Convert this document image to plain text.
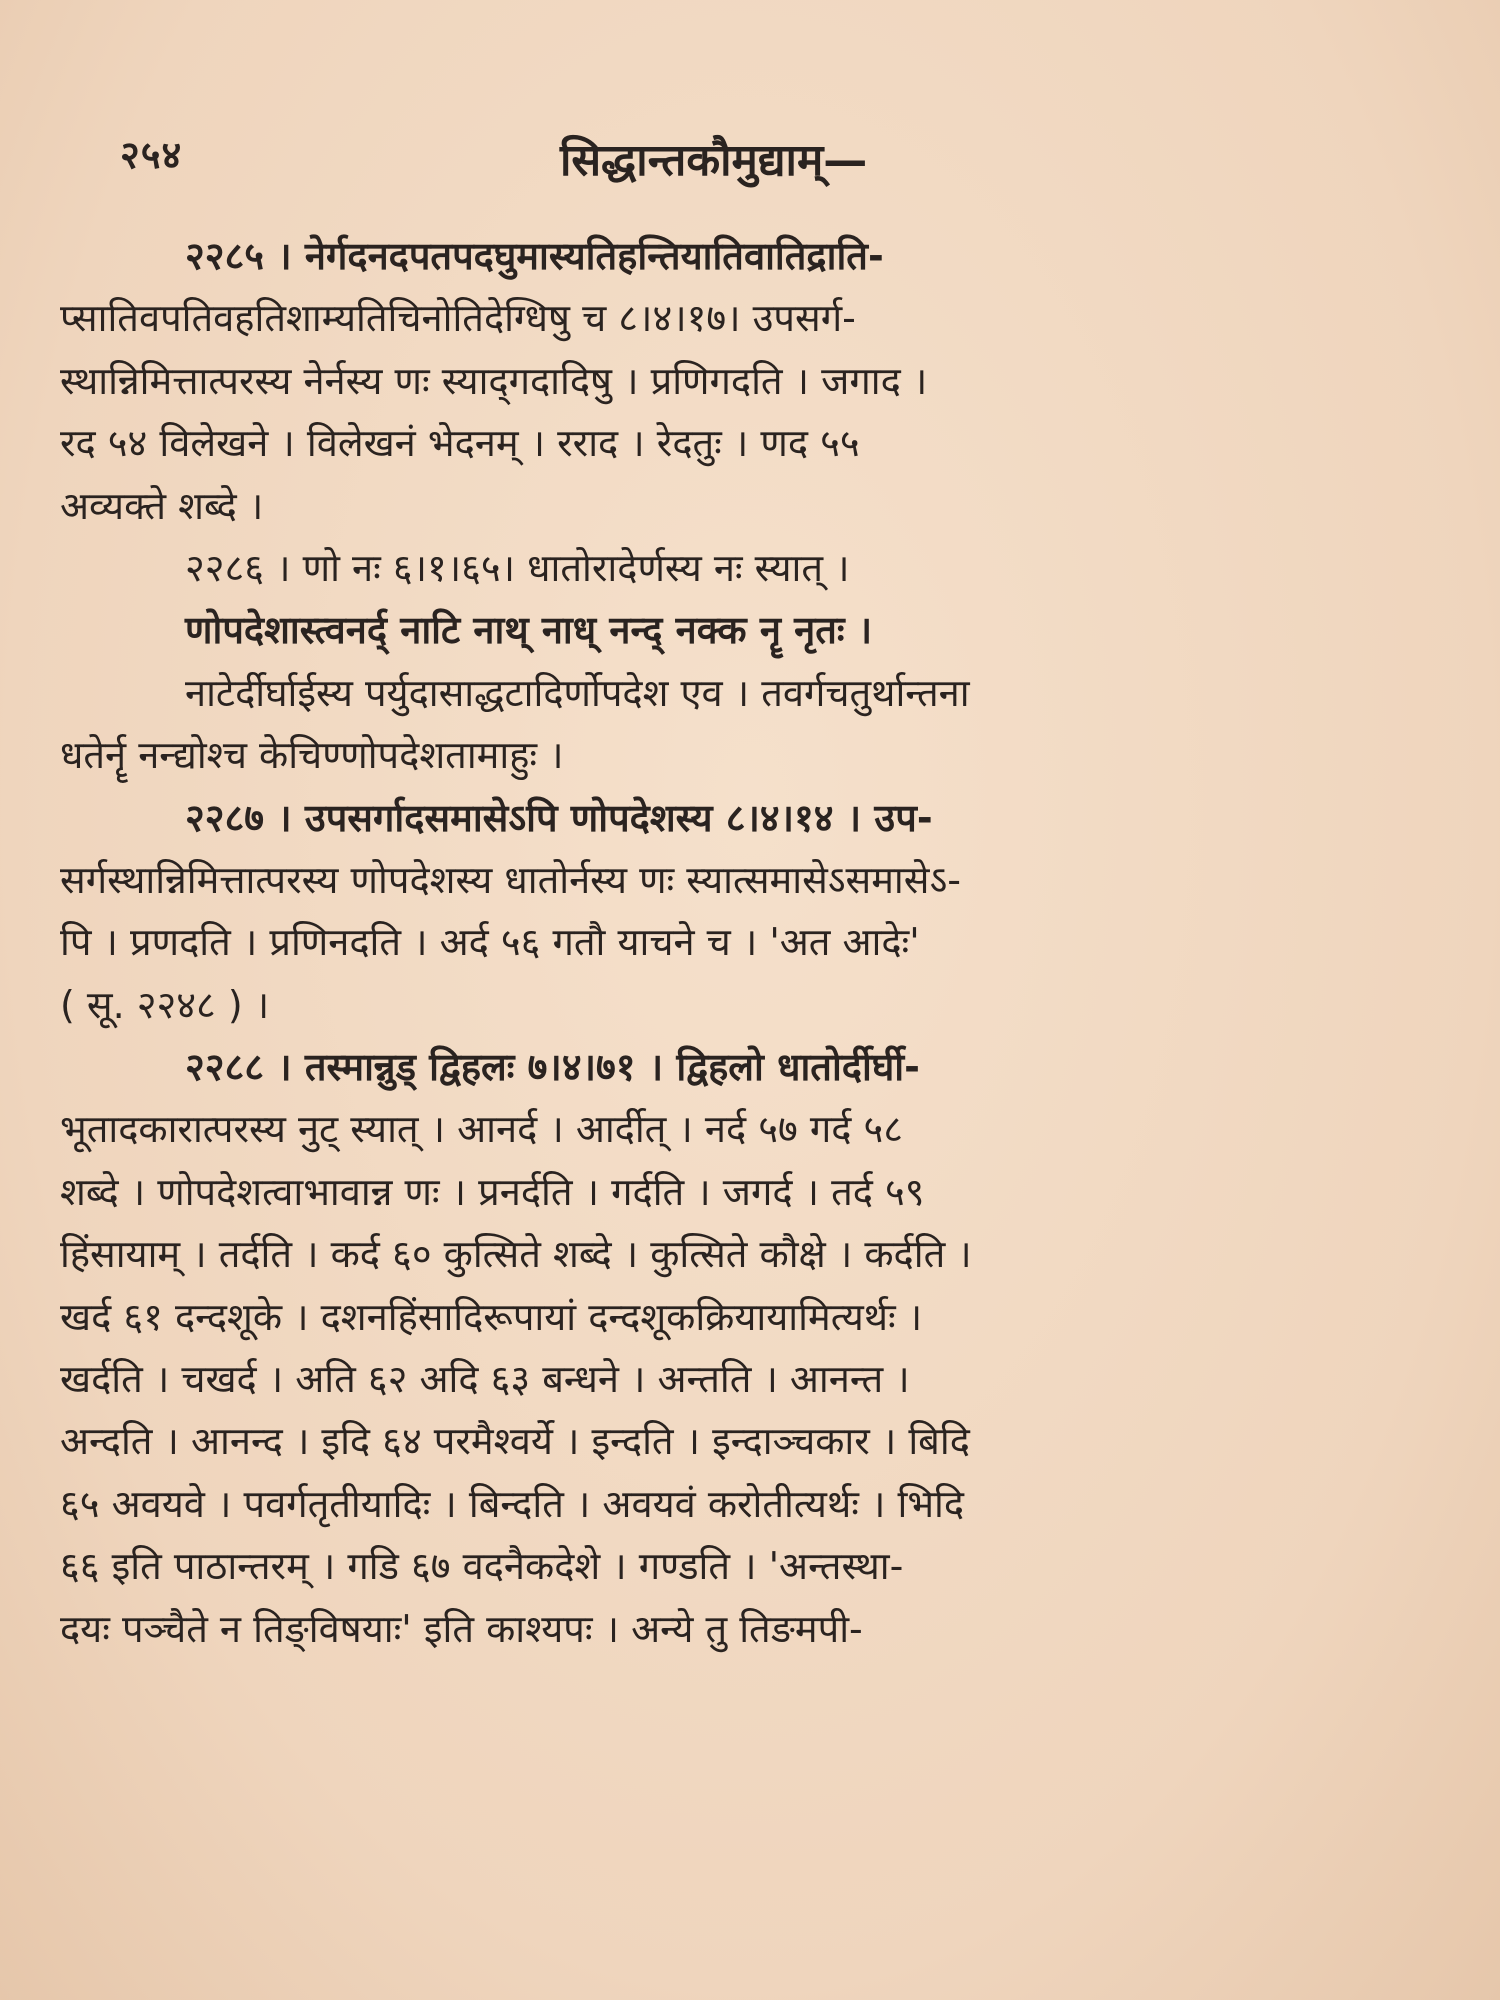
२५४	सिद्धान्तकौमुद्याम्—
२२८५ । नेर्गदनदपतपदघुमास्यतिहन्तियातिवातिद्राति-
प्सातिवपतिवहतिशाम्यतिचिनोतिदेग्धिषु च ८।४।१७। उपसर्ग-
स्थान्निमित्तात्परस्य नेर्नस्य णः स्याद्‌गदादिषु । प्रणिगदति । जगाद ।
रद ५४ विलेखने । विलेखनं भेदनम् । रराद । रेदतुः । णद ५५
अव्यक्ते शब्दे ।
२२८६ । णो नः ६।१।६५। धातोरादेर्णस्य नः स्यात् ।
णोपदेशास्त्वनर्द् नाटि नाथ् नाध् नन्द् नक्क नॄ नृतः ।
नाटेर्दीर्घाईस्य पर्युदासाद्धटादिर्णोपदेश एव । तवर्गचतुर्थान्तना
धतेर्नॄ नन्द्योश्च केचिण्णोपदेशतामाहुः ।
२२८७ । उपसर्गादसमासेऽपि णोपदेशस्य ८।४।१४ । उप-
सर्गस्थान्निमित्तात्परस्य णोपदेशस्य धातोर्नस्य णः स्यात्समासेऽसमासेऽ-
पि । प्रणदति । प्रणिनदति । अर्द ५६ गतौ याचने च । 'अत आदेः'
( सू. २२४८ ) ।
२२८८ । तस्मान्नुड् द्विहलः ७।४।७१ । द्विहलो धातोर्दीर्घी-
भूतादकारात्परस्य नुट् स्यात् । आनर्द । आर्दीत् । नर्द ५७ गर्द ५८
शब्दे । णोपदेशत्वाभावान्न णः । प्रनर्दति । गर्दति । जगर्द । तर्द ५९
हिंसायाम् । तर्दति । कर्द ६० कुत्सिते शब्दे । कुत्सिते कौक्षे । कर्दति ।
खर्द ६१ दन्दशूके । दशनहिंसादिरूपायां दन्दशूकक्रियायामित्यर्थः ।
खर्दति । चखर्द । अति ६२ अदि ६३ बन्धने । अन्तति । आनन्त ।
अन्दति । आनन्द । इदि ६४ परमैश्वर्ये । इन्दति । इन्दाञ्चकार । बिदि
६५ अवयवे । पवर्गतृतीयादिः । बिन्दति । अवयवं करोतीत्यर्थः । भिदि
६६ इति पाठान्तरम् । गडि ६७ वदनैकदेशे । गण्डति । 'अन्तस्था-
दयः पञ्चैते न तिङ्विषयाः' इति काश्यपः । अन्ये तु तिङमपी-
